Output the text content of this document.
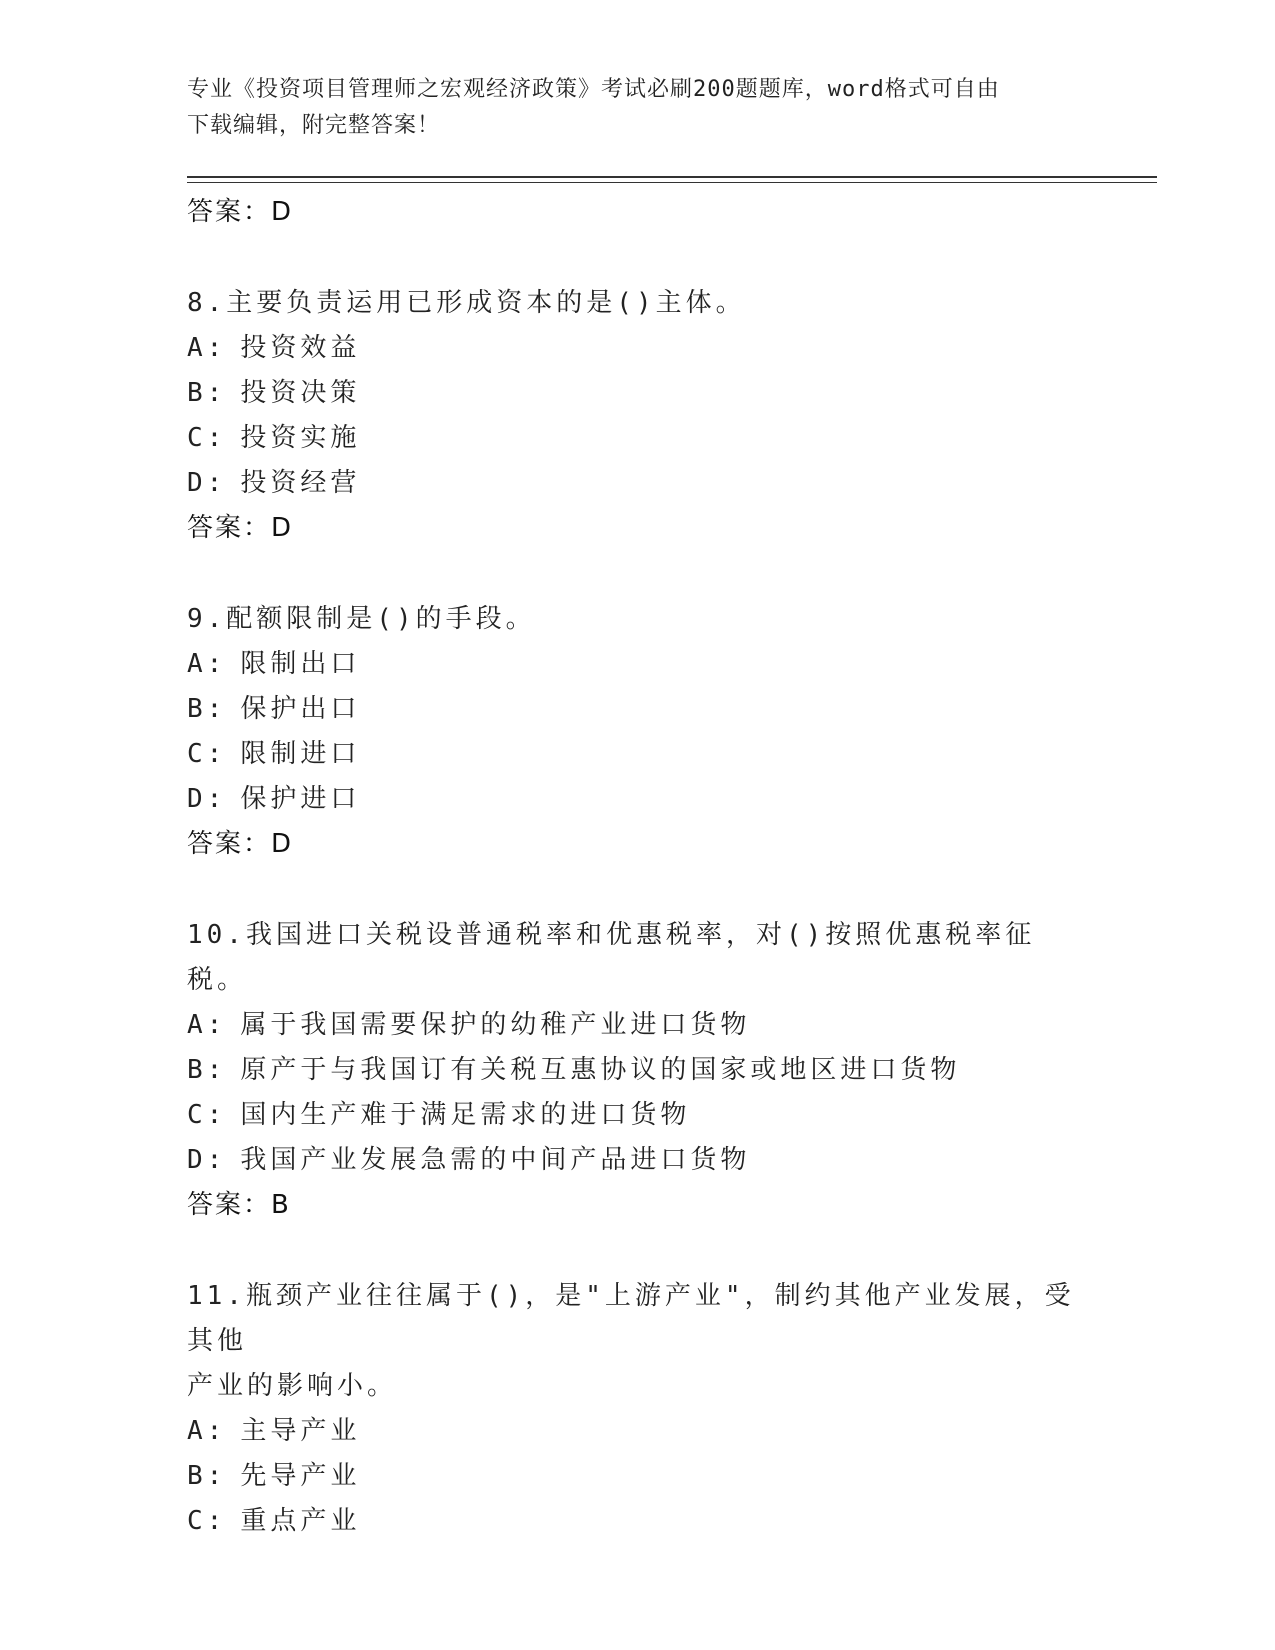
专业《投资项目管理师之宏观经济政策》考试必刷200题题库，word格式可自由
下载编辑，附完整答案！
答案：D
8.主要负责运用已形成资本的是()主体。
A: 投资效益
B: 投资决策
C: 投资实施
D: 投资经营
答案：D
9.配额限制是()的手段。
A: 限制出口
B: 保护出口
C: 限制进口
D: 保护进口
答案：D
10.我国进口关税设普通税率和优惠税率，对()按照优惠税率征税。
A: 属于我国需要保护的幼稚产业进口货物
B: 原产于与我国订有关税互惠协议的国家或地区进口货物
C: 国内生产难于满足需求的进口货物
D: 我国产业发展急需的中间产品进口货物
答案：B
11.瓶颈产业往往属于()，是"上游产业"，制约其他产业发展，受其他
产业的影响小。
A: 主导产业
B: 先导产业
C: 重点产业
